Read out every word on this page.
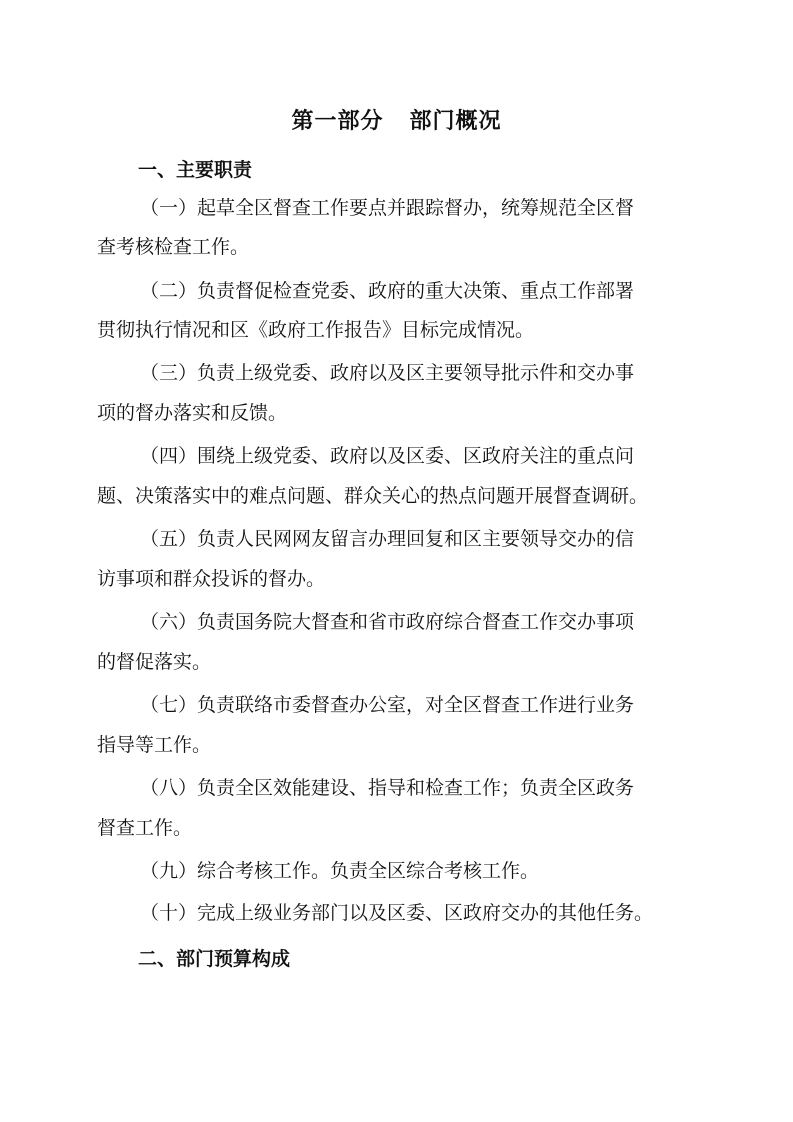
第一部分 部门概况
一、主要职责
（一）起草全区督查工作要点并跟踪督办，统筹规范全区督
查考核检查工作。
（二）负责督促检查党委、政府的重大决策、重点工作部署
贯彻执行情况和区《政府工作报告》目标完成情况。
（三）负责上级党委、政府以及区主要领导批示件和交办事
项的督办落实和反馈。
（四）围绕上级党委、政府以及区委、区政府关注的重点问
题、决策落实中的难点问题、群众关心的热点问题开展督查调研。
（五）负责人民网网友留言办理回复和区主要领导交办的信
访事项和群众投诉的督办。
（六）负责国务院大督查和省市政府综合督查工作交办事项
的督促落实。
（七）负责联络市委督查办公室，对全区督查工作进行业务
指导等工作。
（八）负责全区效能建设、指导和检查工作；负责全区政务
督查工作。
（九）综合考核工作。负责全区综合考核工作。
（十）完成上级业务部门以及区委、区政府交办的其他任务。
二、部门预算构成
